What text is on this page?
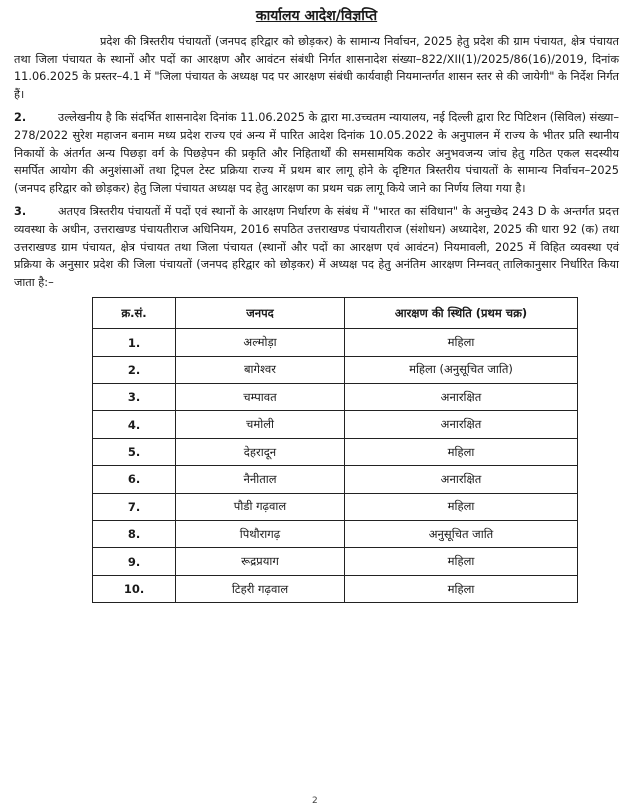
कार्यालय आदेश/विज्ञप्ति

प्रदेश की त्रिस्तरीय पंचायतों (जनपद हरिद्वार को छोड़कर) के सामान्य निर्वाचन, 2025 हेतु प्रदेश की ग्राम पंचायत, क्षेत्र पंचायत तथा जिला पंचायत के स्थानों और पदों का आरक्षण और आवंटन संबंधी निर्गत शासनादेश संख्या–822/XII(1)/2025/86(16)/2019, दिनांक 11.06.2025 के प्रस्तर–4.1 में "जिला पंचायत के अध्यक्ष पद पर आरक्षण संबंधी कार्यवाही नियमान्तर्गत शासन स्तर से की जायेगी" के निर्देश निर्गत हैं।

2.	उल्लेखनीय है कि संदर्भित शासनादेश दिनांक 11.06.2025 के द्वारा मा.उच्चतम न्यायालय, नई दिल्ली द्वारा रिट पिटिशन (सिविल) संख्या–278/2022 सुरेश महाजन बनाम मध्य प्रदेश राज्य एवं अन्य में पारित आदेश दिनांक 10.05.2022 के अनुपालन में राज्य के भीतर प्रति स्थानीय निकायों के अंतर्गत अन्य पिछड़ा वर्ग के पिछड़ेपन की प्रकृति और निहितार्थों की समसामयिक कठोर अनुभवजन्य जांच हेतु गठित एकल सदस्यीय समर्पित आयोग की अनुशंसाओं तथा ट्रिपल टेस्ट प्रक्रिया राज्य में प्रथम बार लागू होने के दृष्टिगत त्रिस्तरीय पंचायतों के सामान्य निर्वाचन–2025 (जनपद हरिद्वार को छोड़कर) हेतु जिला पंचायत अध्यक्ष पद हेतु आरक्षण का प्रथम चक्र लागू किये जाने का निर्णय लिया गया है।

3.	अतएव त्रिस्तरीय पंचायतों में पदों एवं स्थानों के आरक्षण निर्धारण के संबंध में "भारत का संविधान" के अनुच्छेद 243 D के अन्तर्गत प्रदत्त व्यवस्था के अधीन, उत्तराखण्ड पंचायतीराज अधिनियम, 2016 सपठित उत्तराखण्ड पंचायतीराज (संशोधन) अध्यादेश, 2025 की धारा 92 (क) तथा उत्तराखण्ड ग्राम पंचायत, क्षेत्र पंचायत तथा जिला पंचायत (स्थानों और पदों का आरक्षण एवं आवंटन) नियमावली, 2025 में विहित व्यवस्था एवं प्रक्रिया के अनुसार प्रदेश की जिला पंचायतों (जनपद हरिद्वार को छोड़कर) में अध्यक्ष पद हेतु अनंतिम आरक्षण निम्नवत् तालिकानुसार निर्धारित किया जाता है:–

क्र.सं.	जनपद	आरक्षण की स्थिति (प्रथम चक्र)
1.	अल्मोड़ा	महिला
2.	बागेश्वर	महिला (अनुसूचित जाति)
3.	चम्पावत	अनारक्षित
4.	चमोली	अनारक्षित
5.	देहरादून	महिला
6.	नैनीताल	अनारक्षित
7.	पौडी गढ़वाल	महिला
8.	पिथौरागढ़	अनुसूचित जाति
9.	रूद्रप्रयाग	महिला
10.	टिहरी गढ़वाल	महिला
2
